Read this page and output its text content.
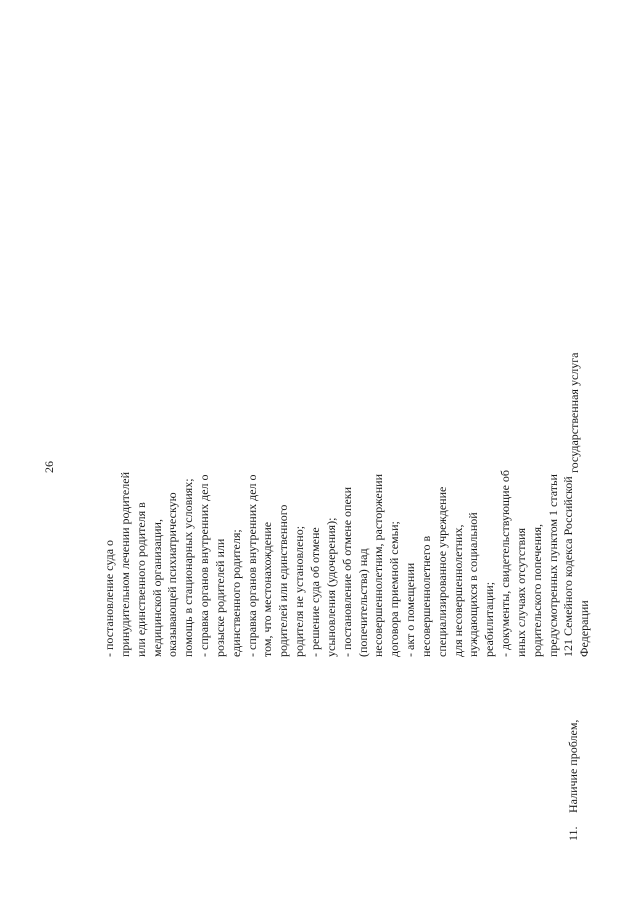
26
11.
Наличие проблем,
- постановление суда о принудительном лечении родителей или единственного родителя в медицинской организации, оказывающей психиатрическую помощь в стационарных условиях; - справка органов внутренних дел о розыске родителей или единственного родителя; - справка органов внутренних дел о том, что местонахождение родителей или единственного родителя не установлено; - решение суда об отмене усыновления (удочерения); - постановление об отмене опеки (попечительства) над несовершеннолетним, расторжении договора приемной семьи; - акт о помещении несовершеннолетнего в специализированное учреждение для несовершеннолетних, нуждающихся в социальной реабилитации; - документы, свидетельствующие об иных случаях отсутствия родительского попечения, предусмотренных пунктом 1 статьи 121 Семейного кодекса Российской Федерации
государственная услуга
